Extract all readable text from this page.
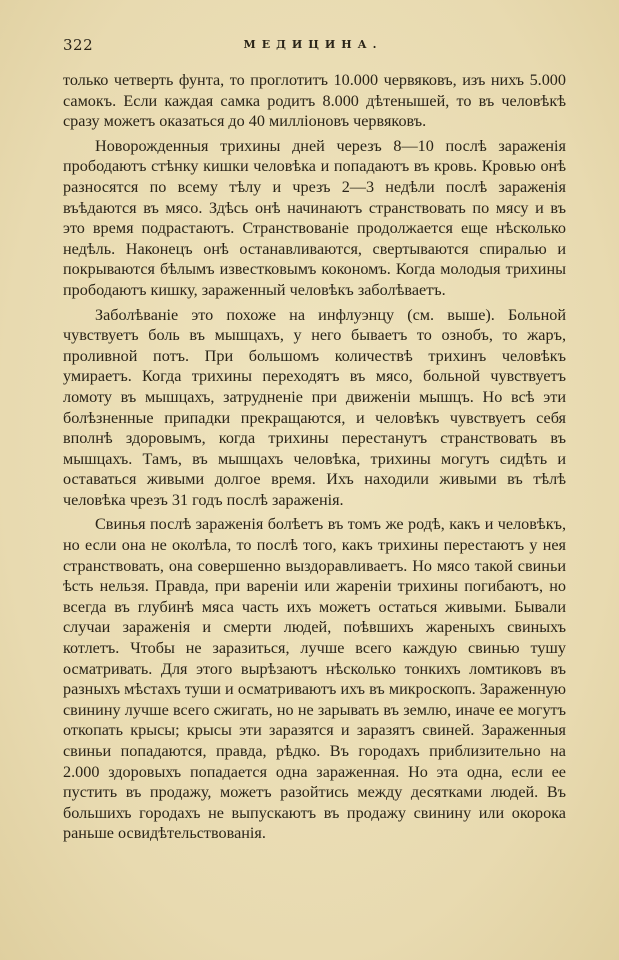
322	МЕДИЦИНА.

только четверть фунта, то проглотитъ 10.000 червяковъ, изъ нихъ 5.000 самокъ. Если каждая самка родитъ 8.000 дѣтенышей, то въ человѣкѣ сразу можетъ оказаться до 40 милліоновъ червяковъ.

Новорожденныя трихины дней черезъ 8—10 послѣ зараженія прободаютъ стѣнку кишки человѣка и попадаютъ въ кровь. Кровью онѣ разносятся по всему тѣлу и чрезъ 2—3 недѣли послѣ зараженія въѣдаются въ мясо. Здѣсь онѣ начинаютъ странствовать по мясу и въ это время подрастаютъ. Странствованіе продолжается еще нѣсколько недѣль. Наконецъ онѣ останавливаются, свертываются спиралью и покрываются бѣлымъ известковымъ кокономъ. Когда молодыя трихины прободаютъ кишку, зараженный человѣкъ заболѣваетъ.

Заболѣваніе это похоже на инфлуэнцу (см. выше). Больной чувствуетъ боль въ мышцахъ, у него бываетъ то ознобъ, то жаръ, проливной потъ. При большомъ количествѣ трихинъ человѣкъ умираетъ. Когда трихины переходятъ въ мясо, больной чувствуетъ ломоту въ мышцахъ, затрудненіе при движеніи мышцъ. Но всѣ эти болѣзненные припадки прекращаются, и человѣкъ чувствуетъ себя вполнѣ здоровымъ, когда трихины перестанутъ странствовать въ мышцахъ. Тамъ, въ мышцахъ человѣка, трихины могутъ сидѣть и оставаться живыми долгое время. Ихъ находили живыми въ тѣлѣ человѣка чрезъ 31 годъ послѣ зараженія.

Свинья послѣ зараженія болѣетъ въ томъ же родѣ, какъ и человѣкъ, но если она не околѣла, то послѣ того, какъ трихины перестаютъ у нея странствовать, она совершенно выздоравливаетъ. Но мясо такой свиньи ѣсть нельзя. Правда, при вареніи или жареніи трихины погибаютъ, но всегда въ глубинѣ мяса часть ихъ можетъ остаться живыми. Бывали случаи зараженія и смерти людей, поѣвшихъ жареныхъ свиныхъ котлетъ. Чтобы не заразиться, лучше всего каждую свинью тушу осматривать. Для этого вырѣзаютъ нѣсколько тонкихъ ломтиковъ въ разныхъ мѣстахъ туши и осматриваютъ ихъ въ микроскопъ. Зараженную свинину лучше всего сжигать, но не зарывать въ землю, иначе ее могутъ откопать крысы; крысы эти заразятся и заразятъ свиней. Зараженныя свиньи попадаются, правда, рѣдко. Въ городахъ приблизительно на 2.000 здоровыхъ попадается одна зараженная. Но эта одна, если ее пустить въ продажу, можетъ разойтись между десятками людей. Въ большихъ городахъ не выпускаютъ въ продажу свинину или окорока раньше освидѣтельствованія.
